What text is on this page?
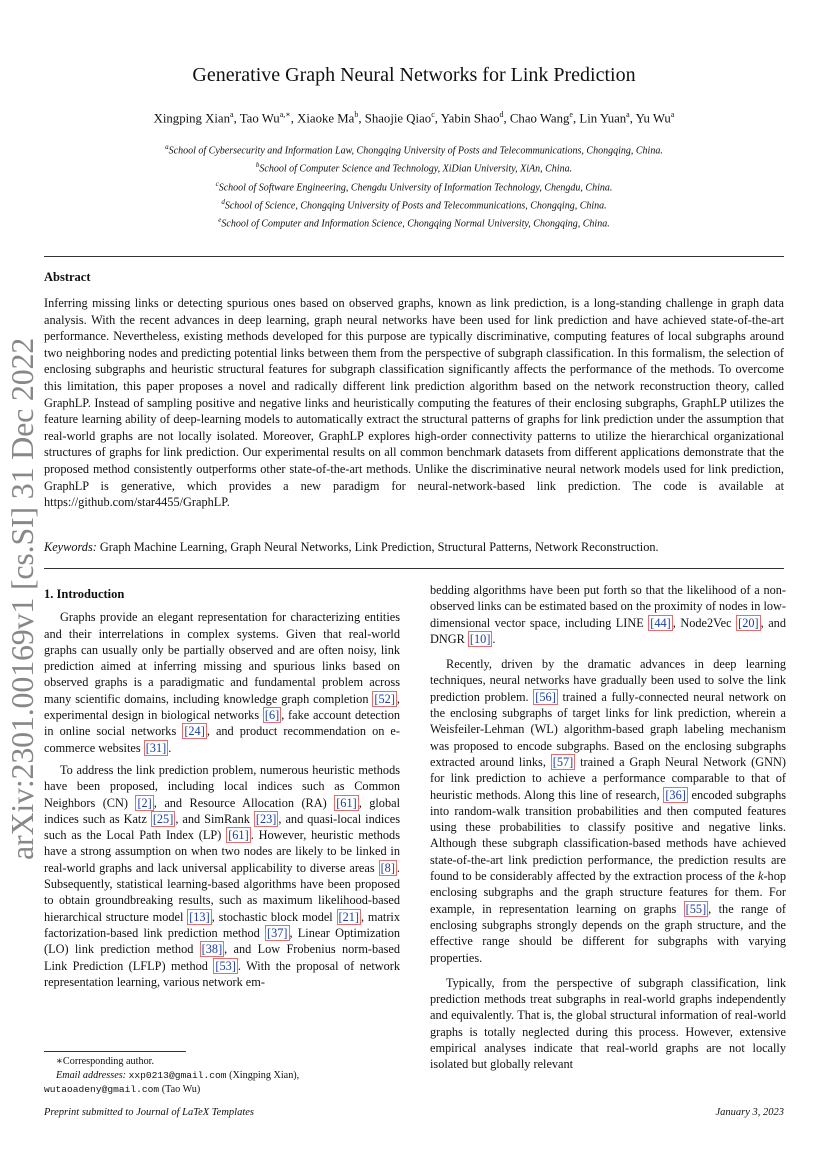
Generative Graph Neural Networks for Link Prediction
Xingping Xian$^a$, Tao $Wu^{a,∗}$, Xiaoke Ma$^b$, Shaojie Qiao$^c$, Yabin Shao$^d$, Chao Wang$^e$, Lin Yuan$^a$, Yu Wu$^a$
$^a$School of Cybersecurity and Information Law, Chongqing University of Posts and Telecommunications, Chongqing, China.
$^b$School of Computer Science and Technology, XiDian University, XiAn, China.
$^c$School of Software Engineering, Chengdu University of Information Technology, Chengdu, China.
$^d$School of Science, Chongqing University of Posts and Telecommunications, Chongqing, China.
$^e$School of Computer and Information Science, Chongqing Normal University, Chongqing, China.
Abstract
Inferring missing links or detecting spurious ones based on observed graphs, known as link prediction, is a long-standing challenge in graph data analysis. With the recent advances in deep learning, graph neural networks have been used for link prediction and have achieved state-of-the-art performance. Nevertheless, existing methods developed for this purpose are typically discriminative, computing features of local subgraphs around two neighboring nodes and predicting potential links between them from the perspective of subgraph classification. In this formalism, the selection of enclosing subgraphs and heuristic structural features for subgraph classification significantly affects the performance of the methods. To overcome this limitation, this paper proposes a novel and radically different link prediction algorithm based on the network reconstruction theory, called GraphLP. Instead of sampling positive and negative links and heuristically computing the features of their enclosing subgraphs, GraphLP utilizes the feature learning ability of deep-learning models to automatically extract the structural patterns of graphs for link prediction under the assumption that real-world graphs are not locally isolated. Moreover, GraphLP explores high-order connectivity patterns to utilize the hierarchical organizational structures of graphs for link prediction. Our experimental results on all common benchmark datasets from different applications demonstrate that the proposed method consistently outperforms other state-of-the-art methods. Unlike the discriminative neural network models used for link prediction, GraphLP is generative, which provides a new paradigm for neural-network-based link prediction. The code is available at https://github.com/star4455/GraphLP.
Keywords: Graph Machine Learning, Graph Neural Networks, Link Prediction, Structural Patterns, Network Reconstruction.
arXiv:2301.00169v1 [cs.SI] 31 Dec 2022 1. Introduction

Graphs provide an elegant representation for characterizing entities and their interrelations in complex systems. Given that real-world graphs can usually only be partially observed and are often noisy, link prediction aimed at inferring missing and spurious links based on observed graphs is a paradigmatic and fundamental problem across many scientific domains, including knowledge graph completion [52] , experimental design in biological networks [6] , fake account detection in online social networks [24] , and product recommendation on e-commerce websites [31] .

To address the link prediction problem, numerous heuristic methods have been proposed, including local indices such as Common Neighbors (CN) [2] , and Resource Allocation (RA) [61] , global indices such as Katz [25] , and SimRank [23] , and quasi-local indices such as the Local Path Index (LP) [61] . However, heuristic methods have a strong assumption on when two nodes are likely to be linked in real-world graphs and lack universal applicability to diverse areas [8] . Subsequently, statistical learning-based algorithms have been proposed to obtain groundbreaking results, such as maximum likelihood-based hierarchical structure model [13] , stochastic block model [21] , matrix factorization-based link prediction method [37] , Linear Optimization (LO) link prediction method [38] , and Low Frobenius norm-based Link Prediction (LFLP) method [53] . With the proposal of network representation learning, various network em-

bedding algorithms have been put forth so that the likelihood of a non-observed links can be estimated based on the proximity of nodes in low-dimensional vector space, including LINE [44] , Node2Vec [20] , and DNGR [10] .

Recently, driven by the dramatic advances in deep learning techniques, neural networks have gradually been used to solve the link prediction problem. [56] trained a fully-connected neural network on the enclosing subgraphs of target links for link prediction, wherein a Weisfeiler-Lehman (WL) algorithm-based graph labeling mechanism was proposed to encode subgraphs. Based on the enclosing subgraphs extracted around links, [57] trained a Graph Neural Network (GNN) for link prediction to achieve a performance comparable to that of heuristic methods. Along this line of research, [36] encoded subgraphs into random-walk transition probabilities and then computed features using these probabilities to classify positive and negative links. Although these subgraph classification-based methods have achieved state-of-the-art link prediction performance, the prediction results are found to be considerably affected by the extraction process of the k-hop enclosing subgraphs and the graph structure features for them. For example, in representation learning on graphs [55] , the range of enclosing subgraphs strongly depends on the graph structure, and the effective range should be different for subgraphs with varying properties.

Typically, from the perspective of subgraph classification, link prediction methods treat subgraphs in real-world graphs independently and equivalently. That is, the global structural information of real-world graphs is totally neglected during this process. However, extensive empirical analyses indicate that real-world graphs are not locally isolated but globally relevant

∗Corresponding author.
Email addresses: xxp0213@gmail.com (Xingping Xian),
wutaoadeny@gmail.com (Tao Wu)
Preprint submitted to Journal of LaTeX Templates	January 3, 2023
